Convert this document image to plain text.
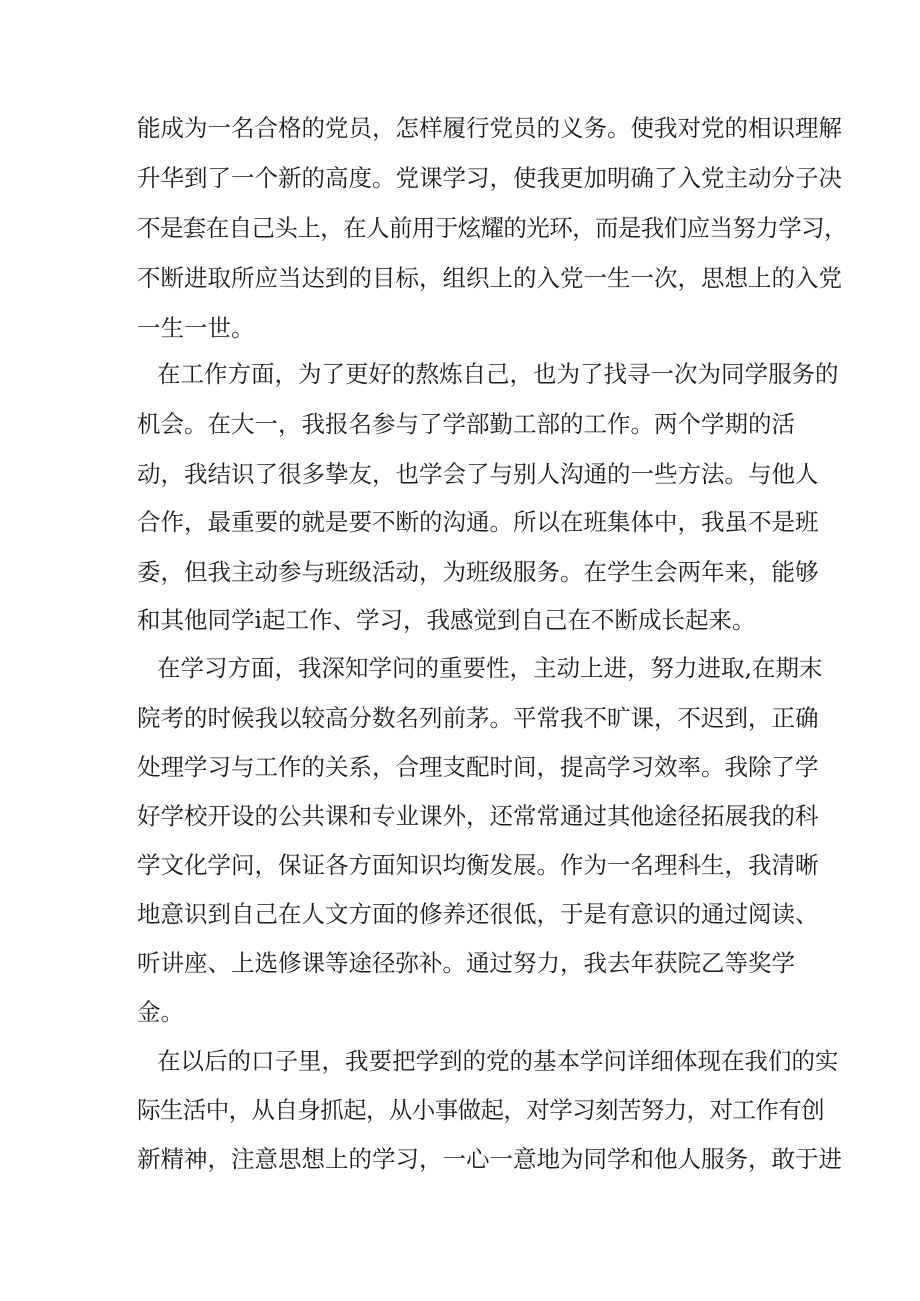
能成为一名合格的党员，怎样履行党员的义务。使我对党的相识理解
升华到了一个新的高度。党课学习，使我更加明确了入党主动分子决
不是套在自己头上，在人前用于炫耀的光环，而是我们应当努力学习，
不断进取所应当达到的目标，组织上的入党一生一次，思想上的入党
一生一世。
在工作方面，为了更好的熬炼自己，也为了找寻一次为同学服务的
机会。在大一，我报名参与了学部勤工部的工作。两个学期的活
动，我结识了很多挚友，也学会了与别人沟通的一些方法。与他人
合作，最重要的就是要不断的沟通。所以在班集体中，我虽不是班
委，但我主动参与班级活动，为班级服务。在学生会两年来，能够
和其他同学i起工作、学习，我感觉到自己在不断成长起来。
在学习方面，我深知学问的重要性，主动上进，努力进取,在期末
院考的时候我以较高分数名列前茅。平常我不旷课，不迟到，正确
处理学习与工作的关系，合理支配时间，提高学习效率。我除了学
好学校开设的公共课和专业课外，还常常通过其他途径拓展我的科
学文化学问，保证各方面知识均衡发展。作为一名理科生，我清晰
地意识到自己在人文方面的修养还很低，于是有意识的通过阅读、
听讲座、上选修课等途径弥补。通过努力，我去年获院乙等奖学
金。
在以后的口子里，我要把学到的党的基本学问详细体现在我们的实
际生活中，从自身抓起，从小事做起，对学习刻苦努力，对工作有创
新精神，注意思想上的学习，一心一意地为同学和他人服务，敢于进
